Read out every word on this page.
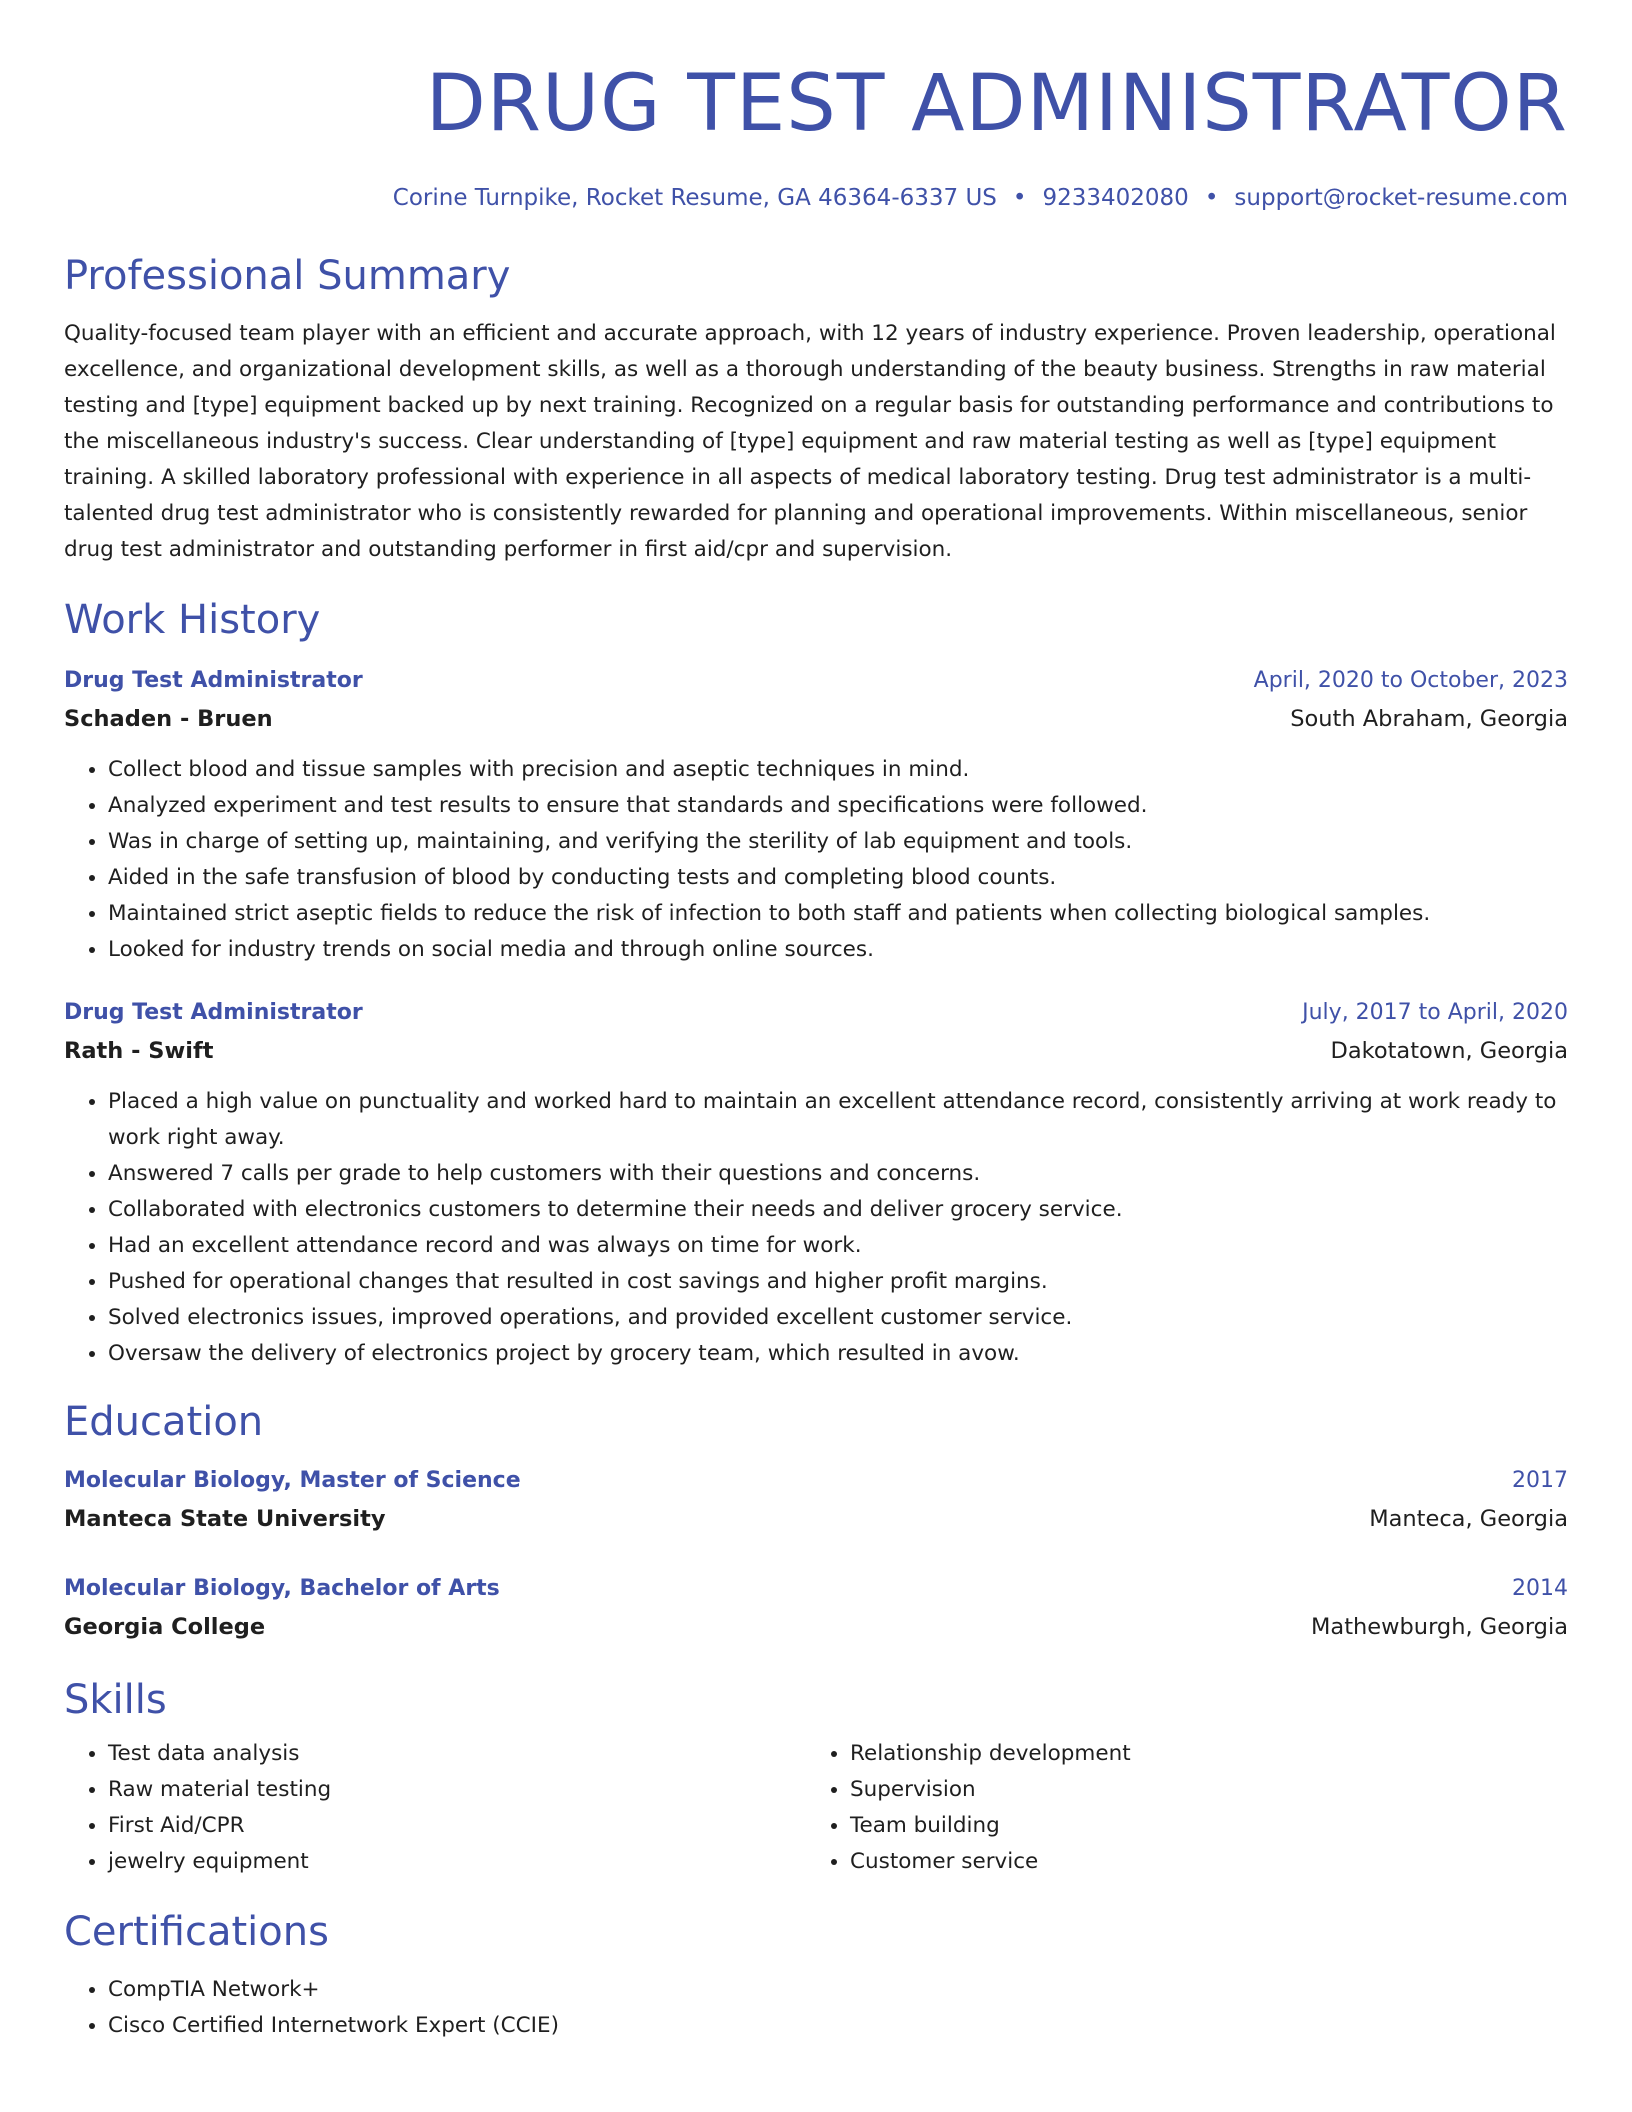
DRUG TEST ADMINISTRATOR
Corine Turnpike, Rocket Resume, GA 46364-6337 US • 9233402080 • support@rocket-resume.com
Professional Summary

Quality-focused team player with an efficient and accurate approach, with 12 years of industry experience. Proven leadership, operational excellence, and organizational development skills, as well as a thorough understanding of the beauty business. Strengths in raw material testing and [type] equipment backed up by next training. Recognized on a regular basis for outstanding performance and contributions to the miscellaneous industry's success. Clear understanding of [type] equipment and raw material testing as well as [type] equipment training. A skilled laboratory professional with experience in all aspects of medical laboratory testing. Drug test administrator is a multi-talented drug test administrator who is consistently rewarded for planning and operational improvements. Within miscellaneous, senior drug test administrator and outstanding performer in first aid/cpr and supervision.

Work History
Drug Test Administrator	April, 2020 to October, 2023
Schaden - Bruen	South Abraham, Georgia
• Collect blood and tissue samples with precision and aseptic techniques in mind.
• Analyzed experiment and test results to ensure that standards and specifications were followed.
• Was in charge of setting up, maintaining, and verifying the sterility of lab equipment and tools.
• Aided in the safe transfusion of blood by conducting tests and completing blood counts.
• Maintained strict aseptic fields to reduce the risk of infection to both staff and patients when collecting biological samples.
• Looked for industry trends on social media and through online sources.
Drug Test Administrator	July, 2017 to April, 2020
Rath - Swift	Dakotatown, Georgia
• Placed a high value on punctuality and worked hard to maintain an excellent attendance record, consistently arriving at work ready to work right away.
• Answered 7 calls per grade to help customers with their questions and concerns.
• Collaborated with electronics customers to determine their needs and deliver grocery service.
• Had an excellent attendance record and was always on time for work.
• Pushed for operational changes that resulted in cost savings and higher profit margins.
• Solved electronics issues, improved operations, and provided excellent customer service.
• Oversaw the delivery of electronics project by grocery team, which resulted in avow.
Education
Molecular Biology, Master of Science	2017
Manteca State University	Manteca, Georgia
Molecular Biology, Bachelor of Arts	2014
Georgia College	Mathewburgh, Georgia
Skills
• Test data analysis
• Raw material testing
• First Aid/CPR
• jewelry equipment
• Relationship development
• Supervision
• Team building
• Customer service
Certifications
• CompTIA Network+
• Cisco Certified Internetwork Expert (CCIE)
